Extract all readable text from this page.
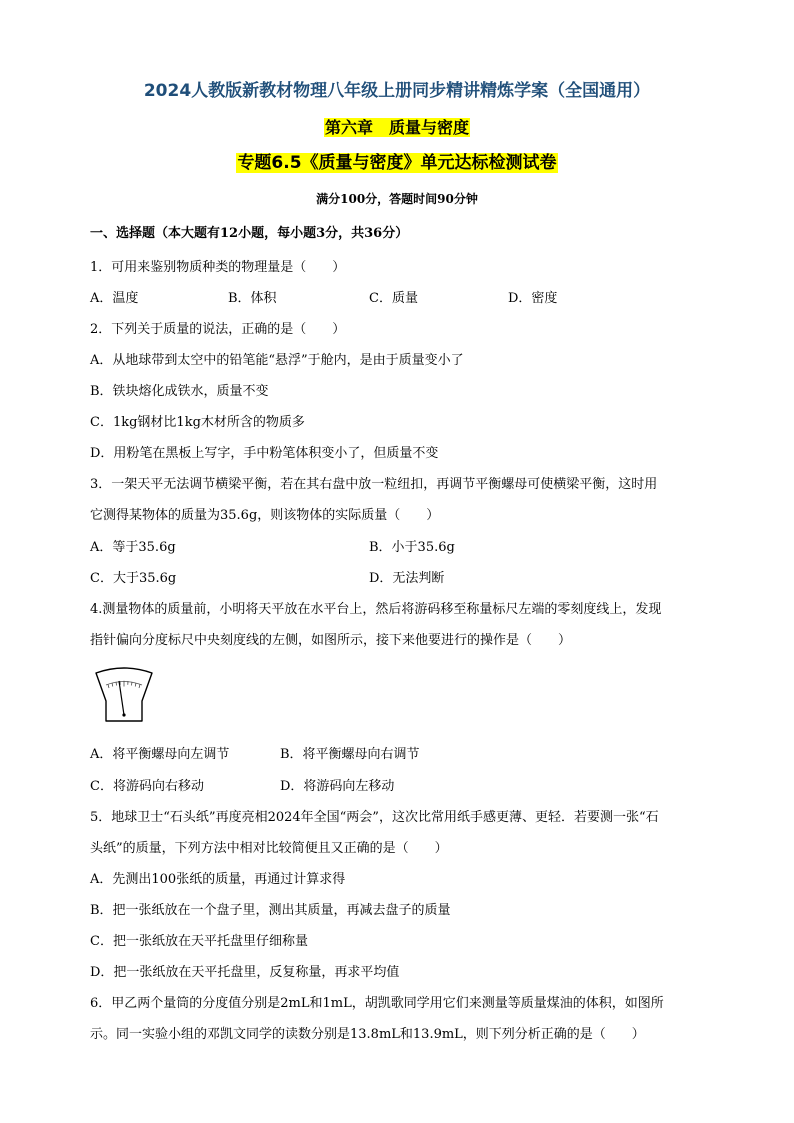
2024人教版新教材物理八年级上册同步精讲精炼学案（全国通用）
第六章　质量与密度
专题6.5《质量与密度》单元达标检测试卷
满分100分，答题时间90分钟
一、选择题（本大题有12小题，每小题3分，共36分）
1．可用来鉴别物质种类的物理量是（　　）
A．温度	B．体积	C．质量	D．密度
2．下列关于质量的说法，正确的是（　　）
A．从地球带到太空中的铅笔能“悬浮”于舱内，是由于质量变小了
B．铁块熔化成铁水，质量不变
C．1kg钢材比1kg木材所含的物质多
D．用粉笔在黑板上写字，手中粉笔体积变小了，但质量不变
3．一架天平无法调节横梁平衡，若在其右盘中放一粒纽扣，再调节平衡螺母可使横梁平衡，这时用
它测得某物体的质量为35.6g，则该物体的实际质量（　　）
A．等于35.6g	B．小于35.6g
C．大于35.6g	D．无法判断
4.测量物体的质量前，小明将天平放在水平台上，然后将游码移至称量标尺左端的零刻度线上，发现
指针偏向分度标尺中央刻度线的左侧，如图所示，接下来他要进行的操作是（　　）
A．将平衡螺母向左调节	B．将平衡螺母向右调节
C．将游码向右移动	D．将游码向左移动
5．地球卫士“石头纸”再度亮相2024年全国“两会”，这次比常用纸手感更薄、更轻．若要测一张“石
头纸”的质量，下列方法中相对比较简便且又正确的是（　　）
A．先测出100张纸的质量，再通过计算求得
B．把一张纸放在一个盘子里，测出其质量，再减去盘子的质量
C．把一张纸放在天平托盘里仔细称量
D．把一张纸放在天平托盘里，反复称量，再求平均值
6．甲乙两个量筒的分度值分别是2mL和1mL，胡凯歌同学用它们来测量等质量煤油的体积，如图所
示。同一实验小组的邓凯文同学的读数分别是13.8mL和13.9mL，则下列分析正确的是（　　）
